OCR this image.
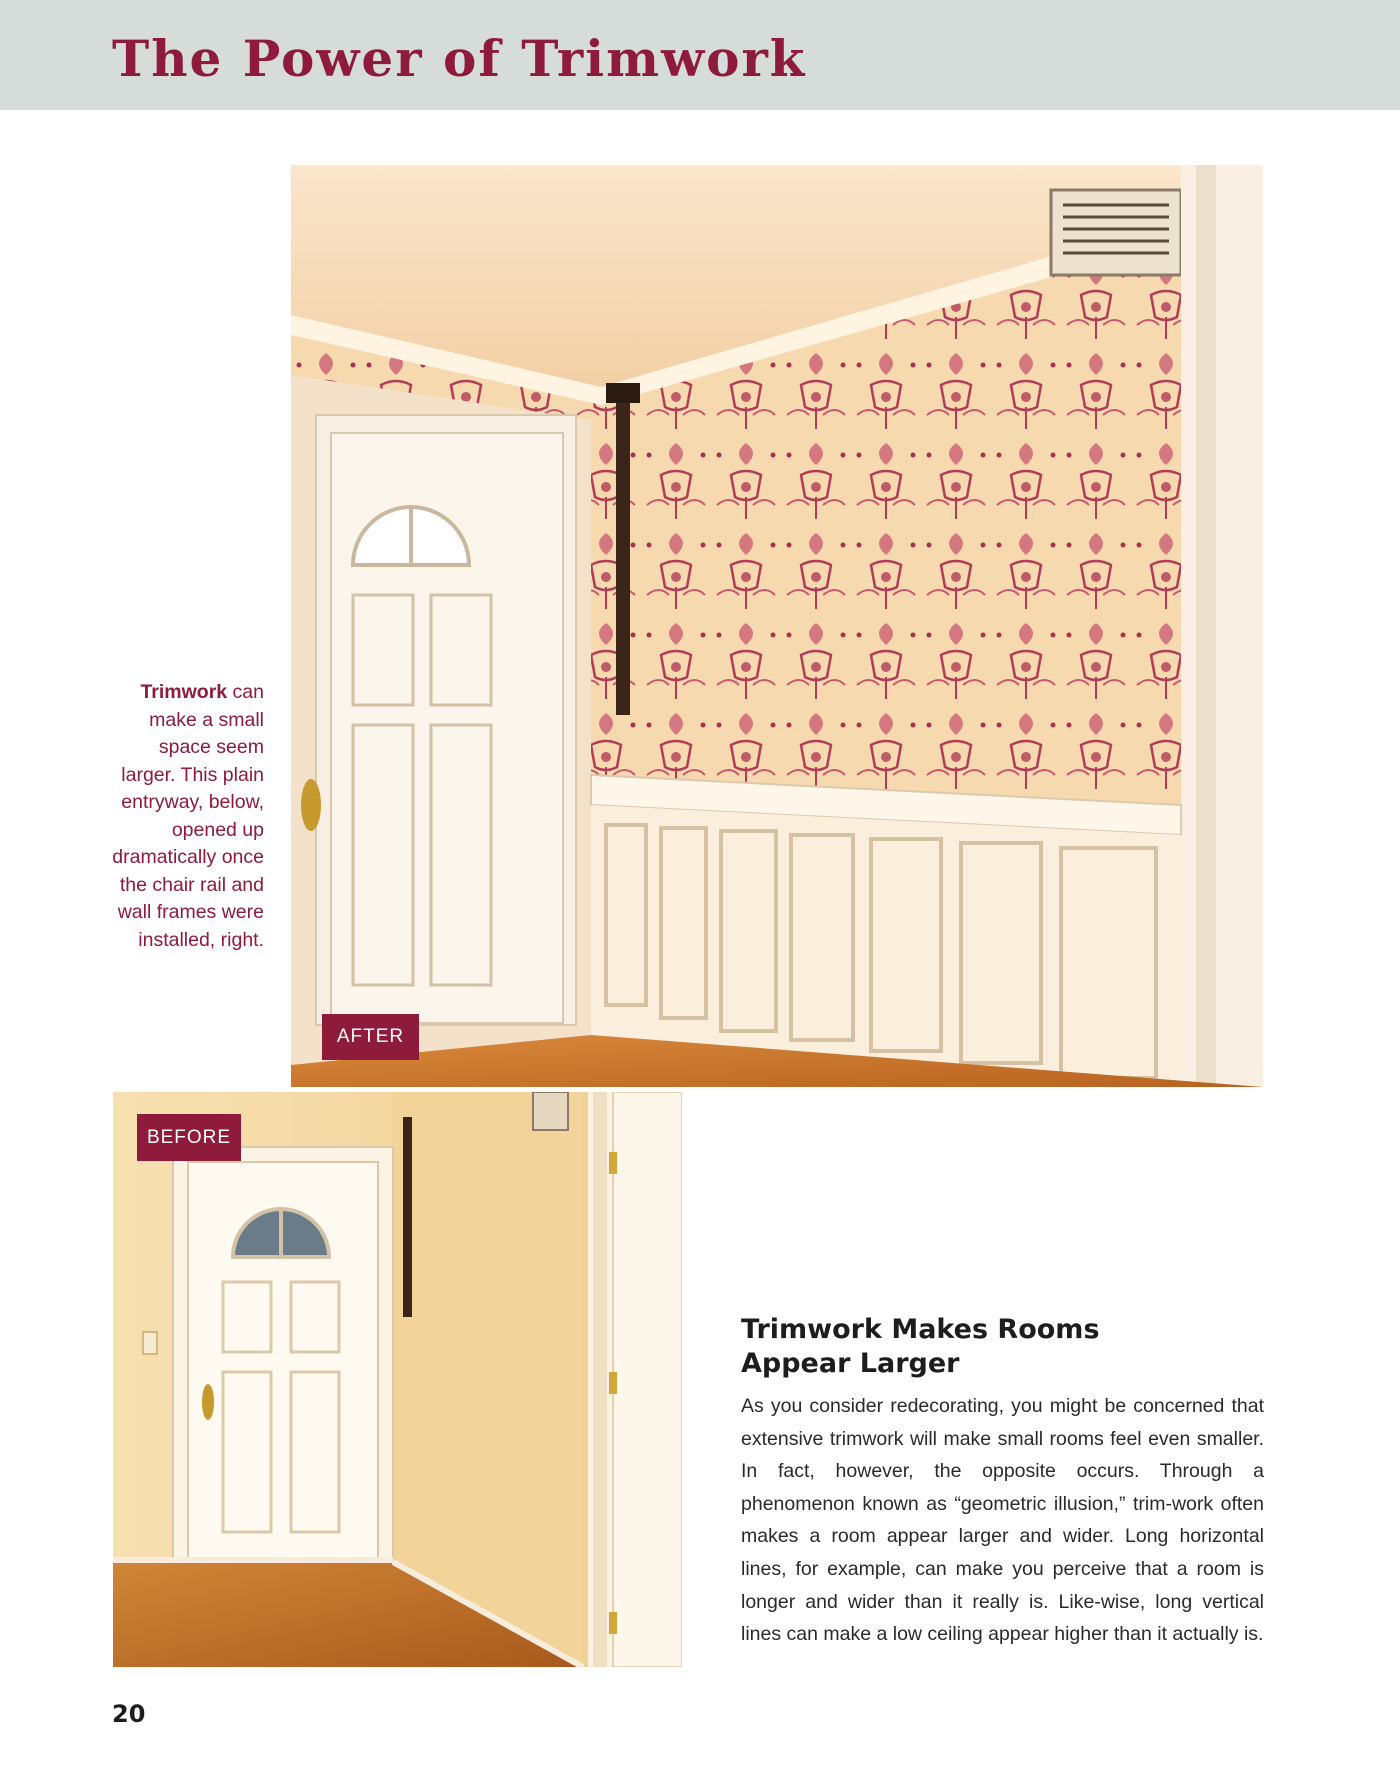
The Power of Trimwork
AFTER
BEFORE
Trimwork can make a small space seem larger. This plain entryway, below, opened up dramatically once the chair rail and wall frames were installed, right.
Trimwork Makes Rooms
Appear Larger

As you consider redecorating, you might be concerned that extensive trimwork will make small rooms feel even smaller. In fact, however, the opposite occurs. Through a phenomenon known as “geometric illusion,” trim-work often makes a room appear larger and wider. Long horizontal lines, for example, can make you perceive that a room is longer and wider than it really is. Like-wise, long vertical lines can make a low ceiling appear higher than it actually is.

20
